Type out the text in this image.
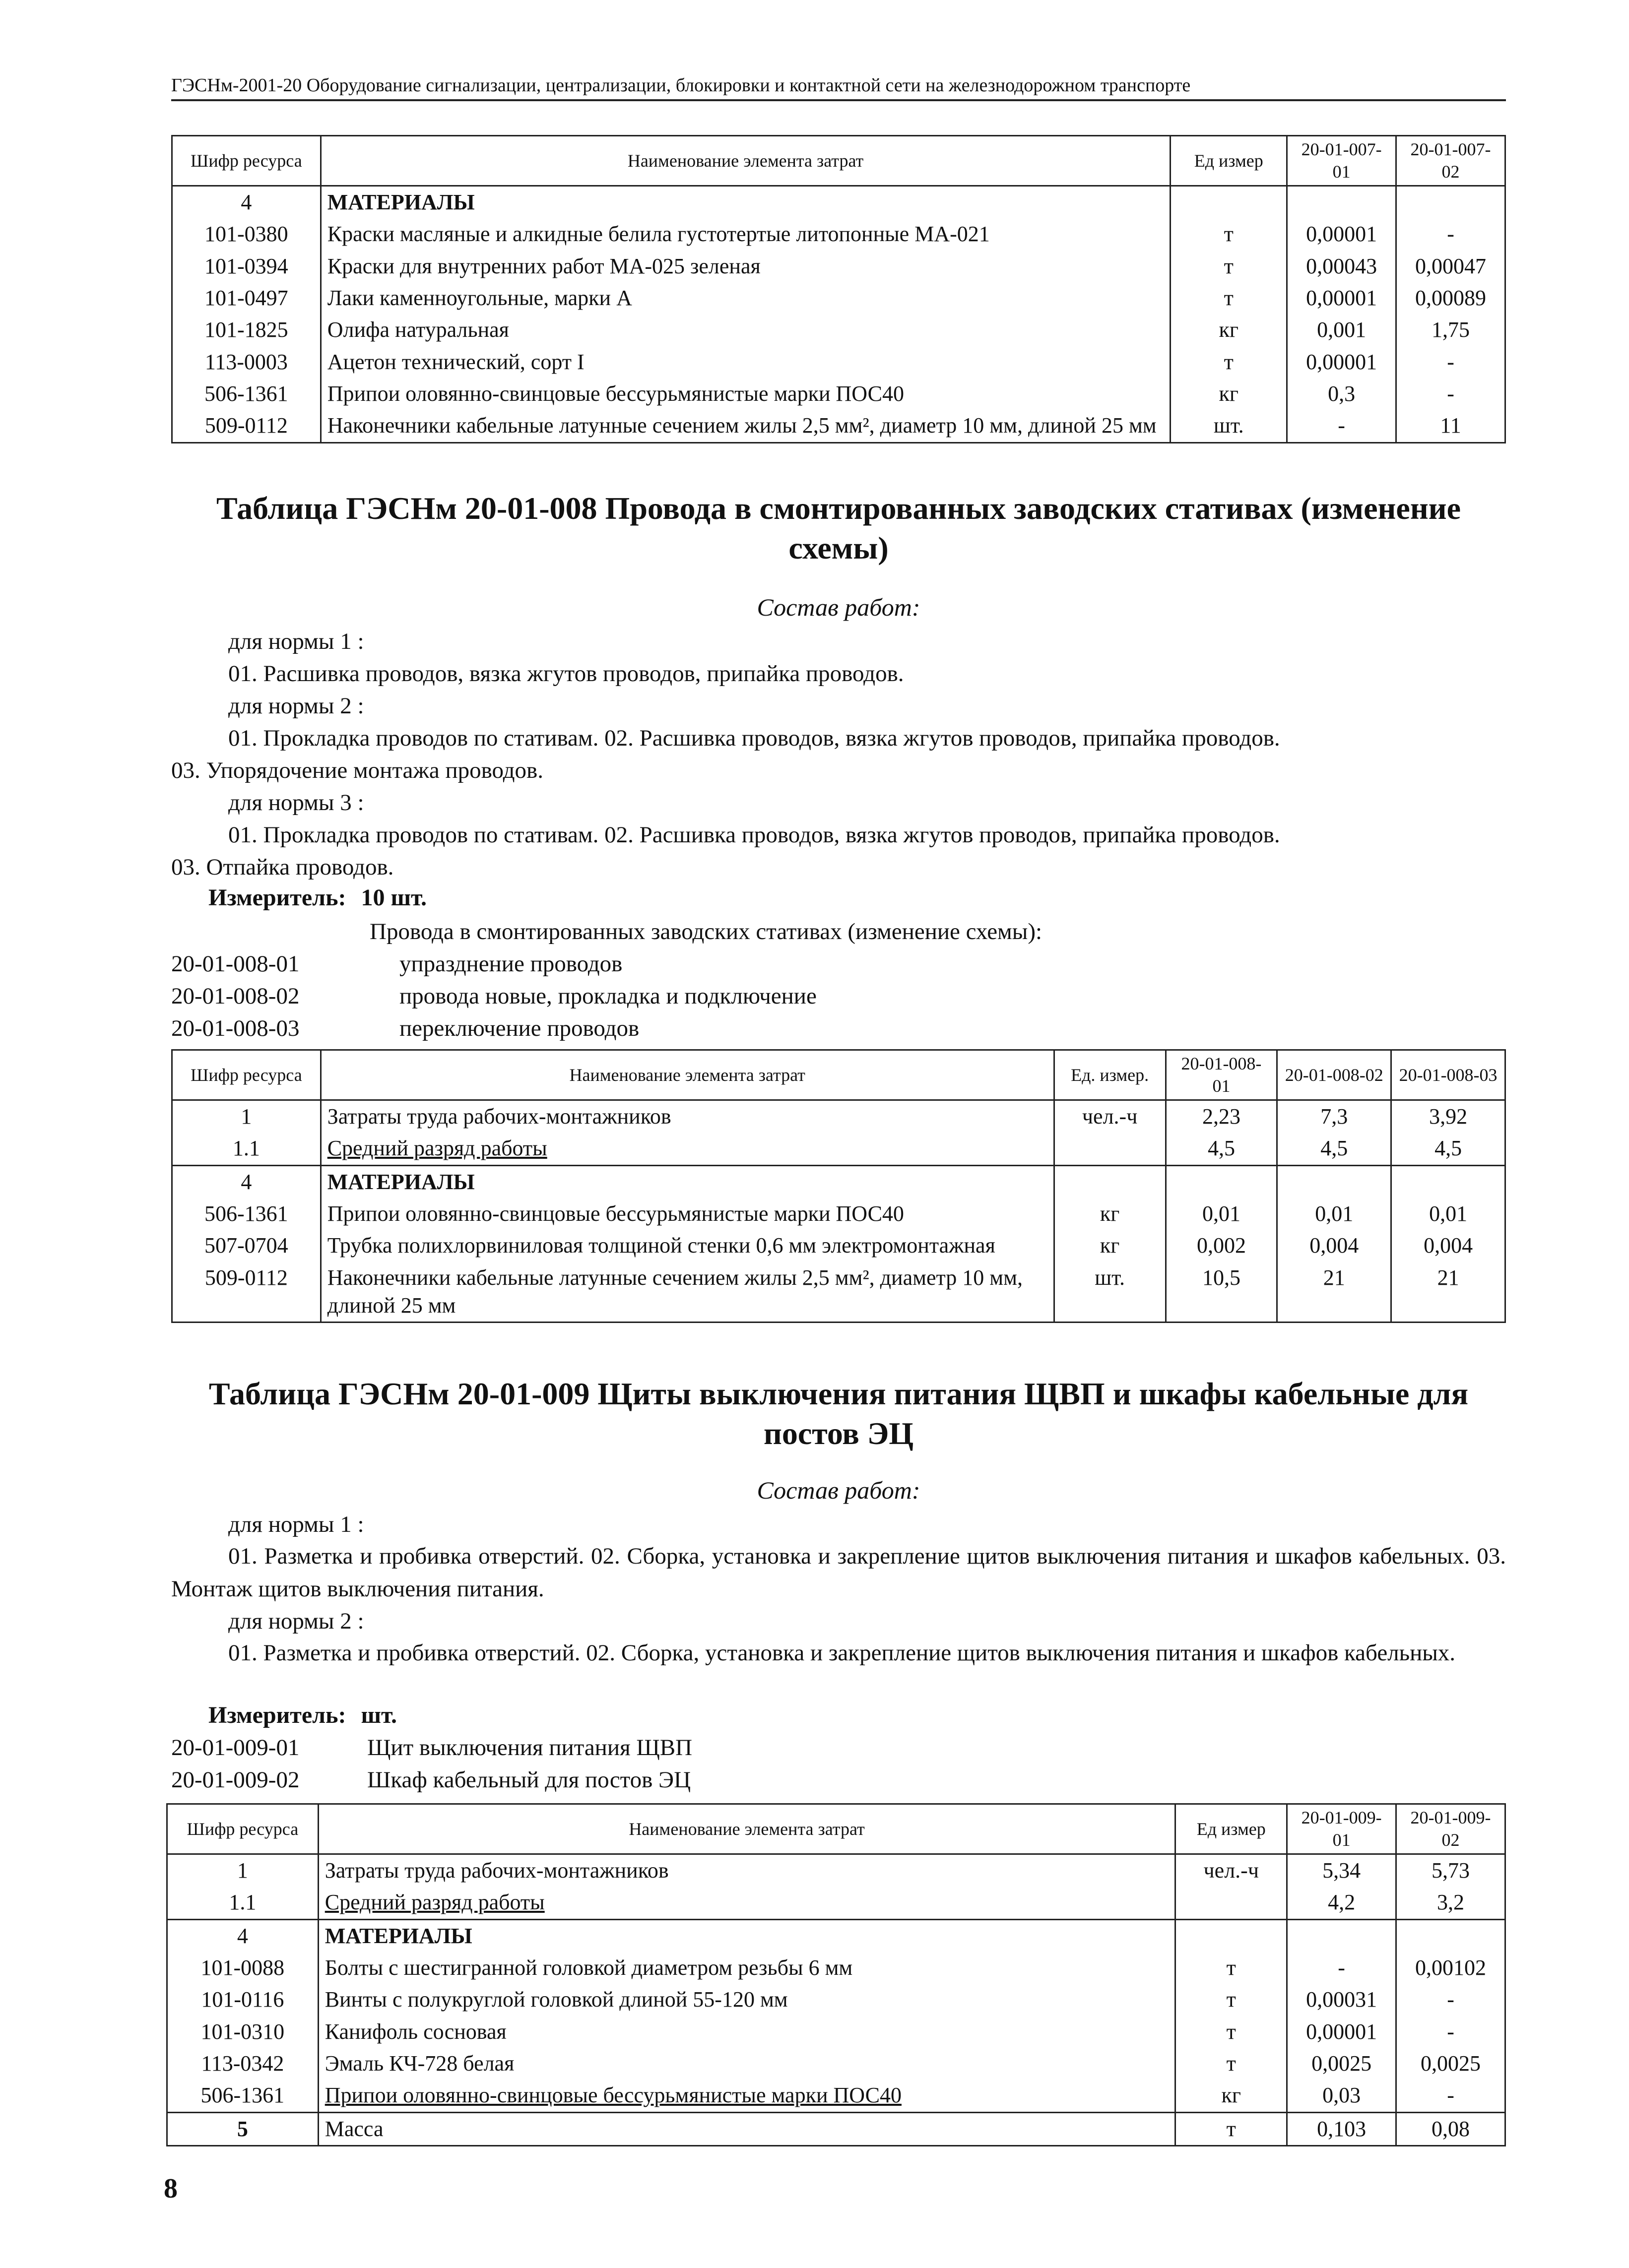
ГЭСНм-2001-20 Оборудование сигнализации, централизации, блокировки и контактной сети на железнодорожном транспорте
Шифр ресурса	Наименование элемента затрат	Ед измер	20-01-007-01	20-01-007-02
4	МАТЕРИАЛЫ			
101-0380	Краски масляные и алкидные белила густотертые литопонные МА-021	т	0,00001	-
101-0394	Краски для внутренних работ МА-025 зеленая	т	0,00043	0,00047
101-0497	Лаки каменноугольные, марки А	т	0,00001	0,00089
101-1825	Олифа натуральная	кг	0,001	1,75
113-0003	Ацетон технический, сорт I	т	0,00001	-
506-1361	Припои оловянно-свинцовые бессурьмянистые марки ПОС40	кг	0,3	-
509-0112	Наконечники кабельные латунные сечением жилы 2,5 мм², диаметр 10 мм, длиной 25 мм	шт.	-	11
Таблица ГЭСНм 20-01-008 Провода в смонтированных заводских стативах (изменение
схемы)
Состав работ:
для нормы 1 :
01. Расшивка проводов, вязка жгутов проводов, припайка проводов.
для нормы 2 :
01. Прокладка проводов по стативам. 02. Расшивка проводов, вязка жгутов проводов, припайка проводов.
03. Упорядочение монтажа проводов.
для нормы 3 :
01. Прокладка проводов по стативам. 02. Расшивка проводов, вязка жгутов проводов, припайка проводов.
03. Отпайка проводов.
Измеритель: 10 шт.
Провода в смонтированных заводских стативах (изменение схемы):
20-01-008-01	упразднение проводов
20-01-008-02	провода новые, прокладка и подключение
20-01-008-03	переключение проводов
Шифр ресурса	Наименование элемента затрат	Ед. измер.	20-01-008-01	20-01-008-02	20-01-008-03
1	Затраты труда рабочих-монтажников	чел.-ч	2,23	7,3	3,92
1.1	Средний разряд работы		4,5	4,5	4,5
4	МАТЕРИАЛЫ				
506-1361	Припои оловянно-свинцовые бессурьмянистые марки ПОС40	кг	0,01	0,01	0,01
507-0704	Трубка полихлорвиниловая толщиной стенки 0,6 мм электромонтажная	кг	0,002	0,004	0,004
509-0112	Наконечники кабельные латунные сечением жилы 2,5 мм², диаметр 10 мм, длиной 25 мм	шт.	10,5	21	21
Таблица ГЭСНм 20-01-009 Щиты выключения питания ЩВП и шкафы кабельные для
постов ЭЦ
Состав работ:
для нормы 1 :
01. Разметка и пробивка отверстий. 02. Сборка, установка и закрепление щитов выключения питания и шкафов кабельных. 03. Монтаж щитов выключения питания.
для нормы 2 :
01. Разметка и пробивка отверстий. 02. Сборка, установка и закрепление щитов выключения питания и шкафов кабельных.
Измеритель: шт.
20-01-009-01	Щит выключения питания ЩВП
20-01-009-02	Шкаф кабельный для постов ЭЦ
Шифр ресурса	Наименование элемента затрат	Ед измер	20-01-009-01	20-01-009-02
1	Затраты труда рабочих-монтажников	чел.-ч	5,34	5,73
1.1	Средний разряд работы		4,2	3,2
4	МАТЕРИАЛЫ			
101-0088	Болты с шестигранной головкой диаметром резьбы 6 мм	т	-	0,00102
101-0116	Винты с полукруглой головкой длиной 55-120 мм	т	0,00031	-
101-0310	Канифоль сосновая	т	0,00001	-
113-0342	Эмаль КЧ-728 белая	т	0,0025	0,0025
506-1361	Припои оловянно-свинцовые бессурьмянистые марки ПОС40	кг	0,03	-
5	Масса	т	0,103	0,08
8
